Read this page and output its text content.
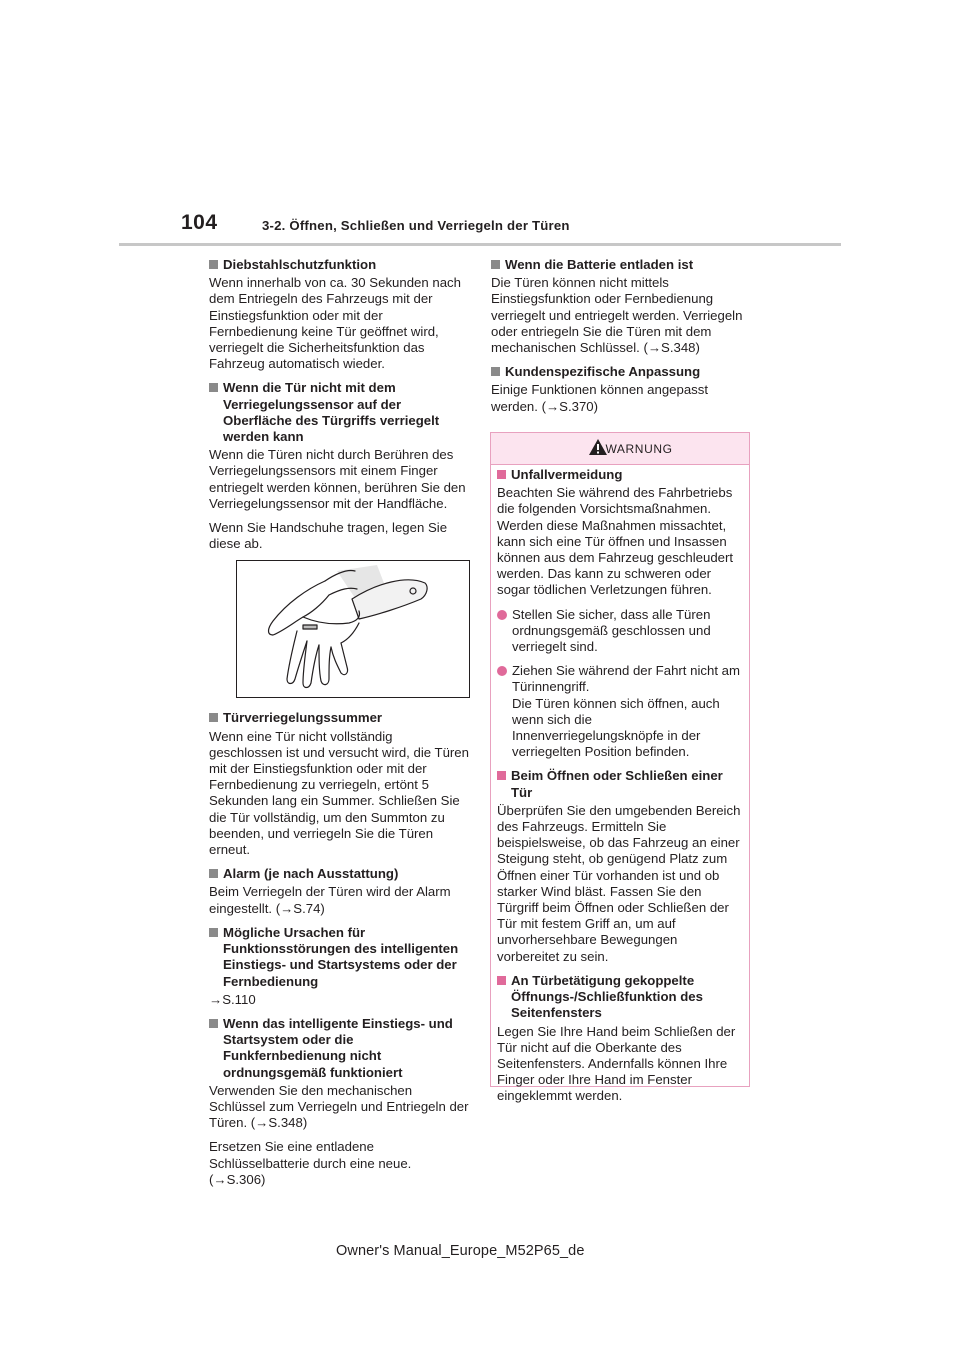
104	3-2. Öffnen, Schließen und Verriegeln der Türen
Diebstahlschutzfunktion
Wenn innerhalb von ca. 30 Sekunden nach dem Entriegeln des Fahrzeugs mit der Einstiegsfunktion oder mit der Fernbedienung keine Tür geöffnet wird, verriegelt die Sicherheitsfunktion das Fahrzeug automatisch wieder.
Wenn die Tür nicht mit dem Verriegelungssensor auf der Oberfläche des Türgriffs verriegelt werden kann
Wenn die Türen nicht durch Berühren des Verriegelungssensors mit einem Finger entriegelt werden können, berühren Sie den Verriegelungssensor mit der Handfläche.
Wenn Sie Handschuhe tragen, legen Sie diese ab.
Türverriegelungssummer
Wenn eine Tür nicht vollständig geschlossen ist und versucht wird, die Türen mit der Einstiegsfunktion oder mit der Fernbedienung zu verriegeln, ertönt 5 Sekunden lang ein Summer. Schließen Sie die Tür vollständig, um den Summton zu beenden, und verriegeln Sie die Türen erneut.
Alarm (je nach Ausstattung)
Beim Verriegeln der Türen wird der Alarm eingestellt. (→S.74)
Mögliche Ursachen für Funktionsstörungen des intelligenten Einstiegs- und Startsystems oder der Fernbedienung
→S.110
Wenn das intelligente Einstiegs- und Startsystem oder die Funkfernbedienung nicht ordnungsgemäß funktioniert
Verwenden Sie den mechanischen Schlüssel zum Verriegeln und Entriegeln der Türen. (→S.348)
Ersetzen Sie eine entladene Schlüsselbatterie durch eine neue. (→S.306)
Wenn die Batterie entladen ist
Die Türen können nicht mittels Einstiegsfunktion oder Fernbedienung verriegelt und entriegelt werden. Verriegeln oder entriegeln Sie die Türen mit dem mechanischen Schlüssel. (→S.348)
Kundenspezifische Anpassung
Einige Funktionen können angepasst werden. (→S.370)
WARNUNG
Unfallvermeidung
Beachten Sie während des Fahrbetriebs die folgenden Vorsichtsmaßnahmen. Werden diese Maßnahmen missachtet, kann sich eine Tür öffnen und Insassen können aus dem Fahrzeug geschleudert werden. Das kann zu schweren oder sogar tödlichen Verletzungen führen.
Stellen Sie sicher, dass alle Türen ordnungsgemäß geschlossen und verriegelt sind.
Ziehen Sie während der Fahrt nicht am Türinnengriff.
Die Türen können sich öffnen, auch wenn sich die Innenverriegelungsknöpfe in der verriegelten Position befinden.
Beim Öffnen oder Schließen einer Tür
Überprüfen Sie den umgebenden Bereich des Fahrzeugs. Ermitteln Sie beispielsweise, ob das Fahrzeug an einer Steigung steht, ob genügend Platz zum Öffnen einer Tür vorhanden ist und ob starker Wind bläst. Fassen Sie den Türgriff beim Öffnen oder Schließen der Tür mit festem Griff an, um auf unvorhersehbare Bewegungen vorbereitet zu sein.
An Türbetätigung gekoppelte Öffnungs-/Schließfunktion des Seitenfensters
Legen Sie Ihre Hand beim Schließen der Tür nicht auf die Oberkante des Seitenfensters. Andernfalls können Ihre Finger oder Ihre Hand im Fenster eingeklemmt werden.
Owner's Manual_Europe_M52P65_de
